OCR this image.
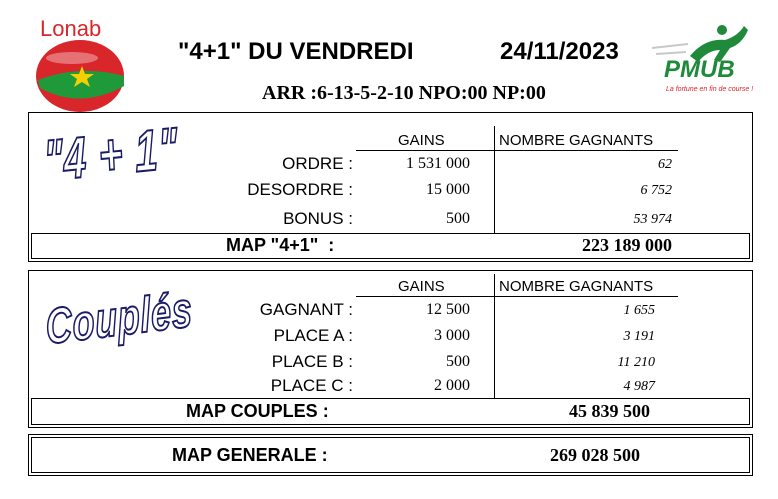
Lonab
"4+1" DU VENDREDI	24/11/2023
ARR :6-13-5-2-10 NPO:00 NP:00
PMUB
La fortune en fin de course !
"4 + 1"	GAINS	NOMBRE GAGNANTS
ORDRE :	1 531 000	62
DESORDRE :	15 000	6 752
BONUS :	500	53 974
MAP "4+1"  :	223 189 000
Couplés	GAINS	NOMBRE GAGNANTS
GAGNANT :	12 500	1 655
PLACE A :	3 000	3 191
PLACE B :	500	11 210
PLACE C :	2 000	4 987
MAP COUPLES :	45 839 500
MAP GENERALE :	269 028 500
